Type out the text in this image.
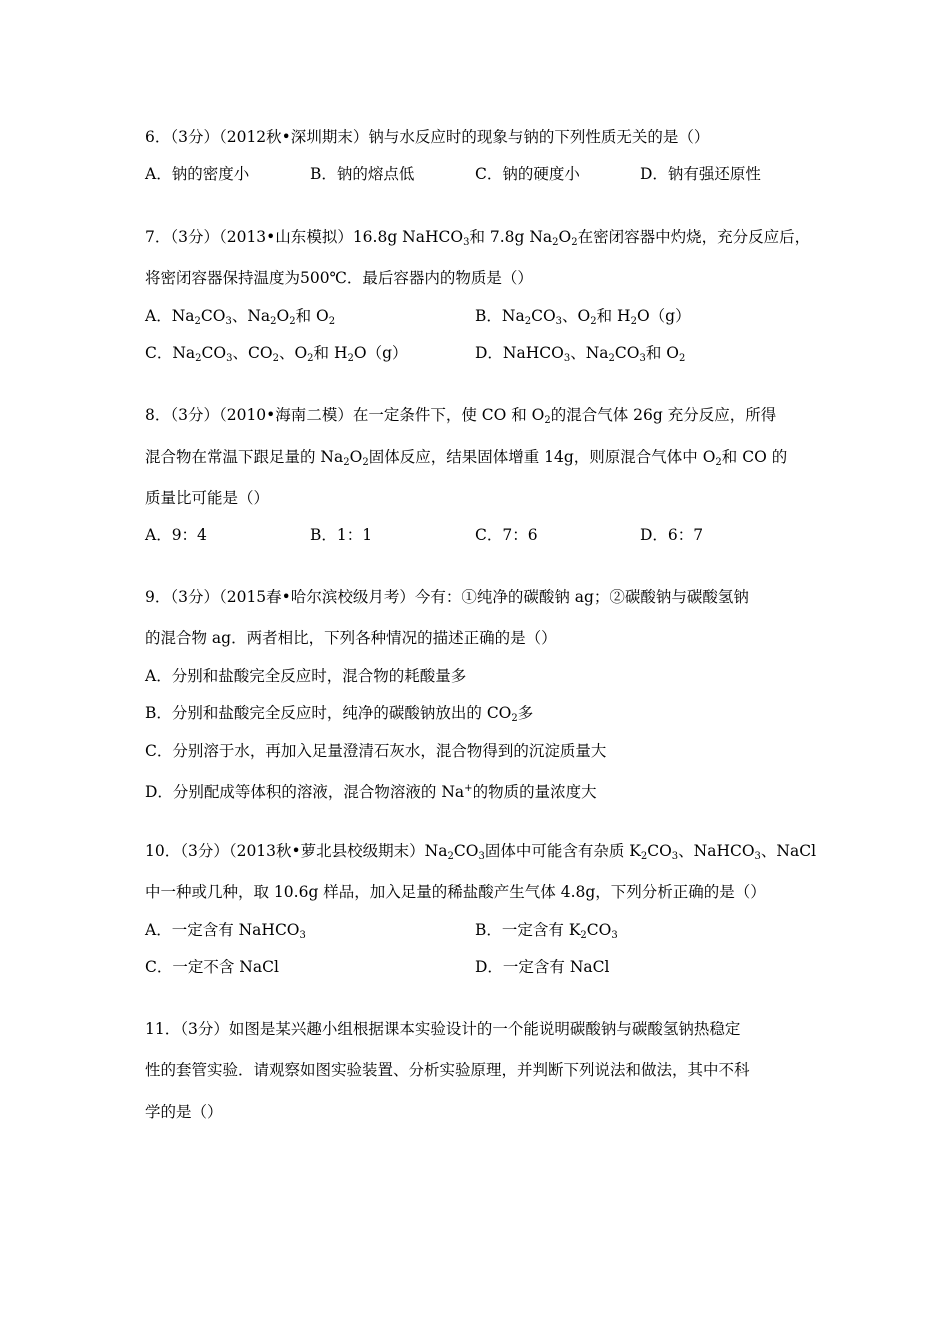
6．（3分）（2012秋•深圳期末）钠与水反应时的现象与钠的下列性质无关的是（）
A．钠的密度小	B．钠的熔点低	C．钠的硬度小	D．钠有强还原性
7．（3分）（2013•山东模拟）16.8g NaHCO$_3$和 7.8g $Na_2O_2$在密闭容器中灼烧，充分反应后，
将密闭容器保持温度为500℃．最后容器内的物质是（）
A．$Na_2CO_3$、$Na_2O_2$和 $O_2$	B．$Na_2CO_3$、$O_2$和 $H_2O(g)$
C．$Na_2CO_3$、$CO_2$、$O_2$和 $H_2O(g)$	D．NaHCO$_3$、$Na_2CO_3$和 $O_2$
8．（3分）（2010•海南二模）在一定条件下，使 CO 和 $O_2$的混合气体 26g 充分反应，所得
混合物在常温下跟足量的 $Na_2O_2$固体反应，结果固体增重 14g，则原混合气体中 $O_2$和 CO 的
质量比可能是（）
A．9：4	B．1：1	C．7：6	D．6：7
9．（3分）（2015春•哈尔滨校级月考）今有：①纯净的碳酸钠 ag；②碳酸钠与碳酸氢钠
的混合物 ag．两者相比，下列各种情况的描述正确的是（）
A．分别和盐酸完全反应时，混合物的耗酸量多
B．分别和盐酸完全反应时，纯净的碳酸钠放出的 $CO_2$多
C．分别溶于水，再加入足量澄清石灰水，混合物得到的沉淀质量大
D．分别配成等体积的溶液，混合物溶液的 Na+的物质的量浓度大
10．（3分）（2013秋•萝北县校级期末）$Na_2CO_3$固体中可能含有杂质 $K_2CO_3$、NaHCO$_3$、NaCl
中一种或几种，取 10.6g 样品，加入足量的稀盐酸产生气体 4.8g，下列分析正确的是（）
A．一定含有 NaHCO$_3$	B．一定含有 $K_2CO_3$
C．一定不含 NaCl	D．一定含有 NaCl
11．（3分）如图是某兴趣小组根据课本实验设计的一个能说明碳酸钠与碳酸氢钠热稳定
性的套管实验．请观察如图实验装置、分析实验原理，并判断下列说法和做法，其中不科
学的是（）
